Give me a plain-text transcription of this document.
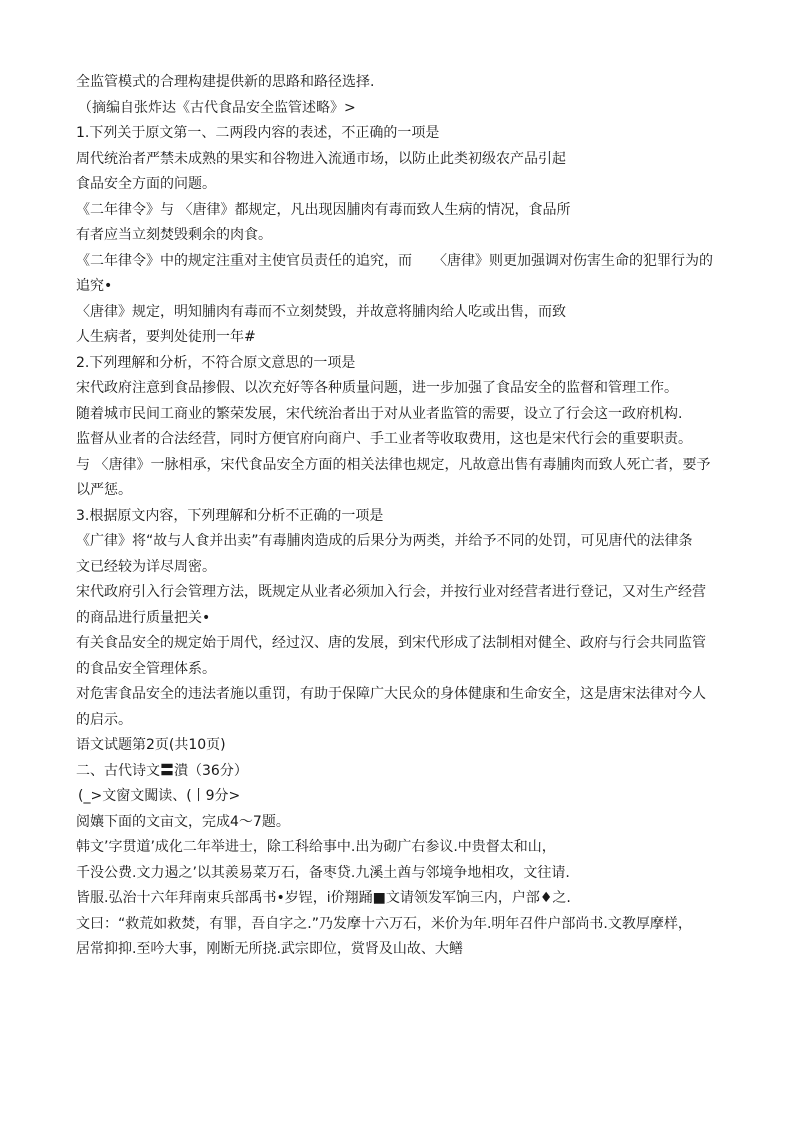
全监管模式的合理构建提供新的思路和路径选择.
（摘编自张炸达《古代食品安全监管述略》>
1.下列关于原文第一、二两段内容的表述，不正确的一项是
周代统治者严禁未成熟的果实和谷物进入流通市场，以防止此类初级农产品引起
食品安全方面的问题。
《二年律令》与 〈唐律》都规定，凡出现因脯肉有毒而致人生病的情况，食品所
有者应当立刻焚毁剩余的肉食。
《二年律令》中的规定注重对主使官员责任的追究，而　　〈唐律》则更加强调对伤害生命的犯罪行为的
追究•
〈唐律》规定，明知脯肉有毒而不立刻焚毁，并故意将脯肉给人吃或出售，而致
人生病者，要判处徒刑一年#
2.下列理解和分析，不符合原文意思的一项是
宋代政府注意到食品掺假、以次充好等各种质量问题，进一步加强了食品安全的监督和管理工作。
随着城市民间工商业的繁荣发展，宋代统治者出于对从业者监管的需要，设立了行会这一政府机构.
监督从业者的合法经营，同时方便官府向商户、手工业者等收取费用，这也是宋代行会的重要职责。
与 〈唐律》一脉相承，宋代食品安全方面的相关法律也规定，凡故意出售有毒脯肉而致人死亡者，要予
以严惩。
3.根据原文内容，下列理解和分析不正确的一项是
《广律》将“故与人食并出卖”有毒脯肉造成的后果分为两类，并给予不同的处罚，可见唐代的法律条
文已经较为详尽周密。
宋代政府引入行会管理方法，既规定从业者必须加入行会，并按行业对经营者进行登记，又对生产经营
的商品进行质量把关•
有关食品安全的规定始于周代，经过汉、唐的发展，到宋代形成了法制相对健全、政府与行会共同监管
的食品安全管理体系。
对危害食品安全的违法者施以重罚，有助于保障广大民众的身体健康和生命安全，这是唐宋法律对今人
的启示。
语文试题第2页(共10页)
二、古代诗文〓潰（36分）
(_>文窗文闖读、(丨9分>
阅孃下面的文亩文，完成4〜7题。
韩文’字贯道’成化二年举进士，除工科给事中.出为砌广右参议.中贵督太和山，
千没公费.文力遏之’以其羨易菜万石，备枣贷.九溪土酋与邻境争地相攻，文往请.
皆服.弘治十六年拜南束兵部禹书•岁锃，i价翔踊■文请领发军饷三内，户部♦之.
文曰：“救荒如救焚，有罪，吾自字之.”乃发摩十六万石，米价为年.明年召件户部尚书.文教厚摩样，
居常抑抑.至吟大事，刚断无所挠.武宗即位，赏肾及山故、大鳝
